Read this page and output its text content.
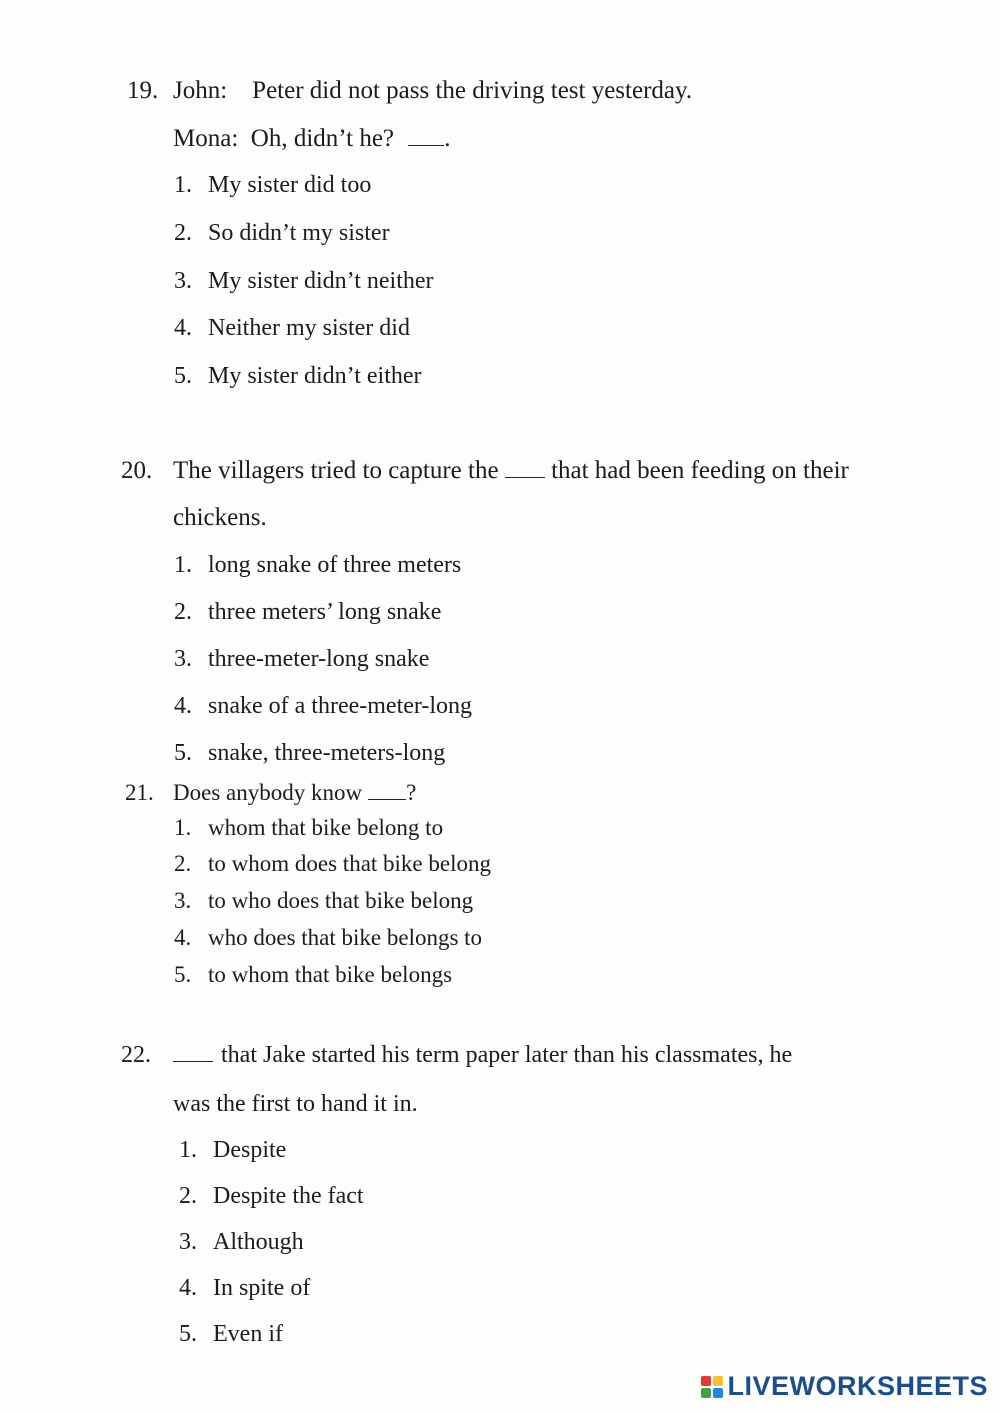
19. John:    Peter did not pass the driving test yesterday.
Mona:  Oh, didn’t he? .
1. My sister did too
2. So didn’t my sister
3. My sister didn’t neither
4. Neither my sister did
5. My sister didn’t either
20. The villagers tried to capture the that had been feeding on their
chickens.
1. long snake of three meters
2. three meters’ long snake
3. three-meter-long snake
4. snake of a three-meter-long
5. snake, three-meters-long
21. Does anybody know ?
1. whom that bike belong to
2. to whom does that bike belong
3. to who does that bike belong
4. who does that bike belongs to
5. to whom that bike belongs
22.	that Jake started his term paper later than his classmates, he
was the first to hand it in.
1. Despite
2. Despite the fact
3. Although
4. In spite of
5. Even if
LIVEWORKSHEETS
